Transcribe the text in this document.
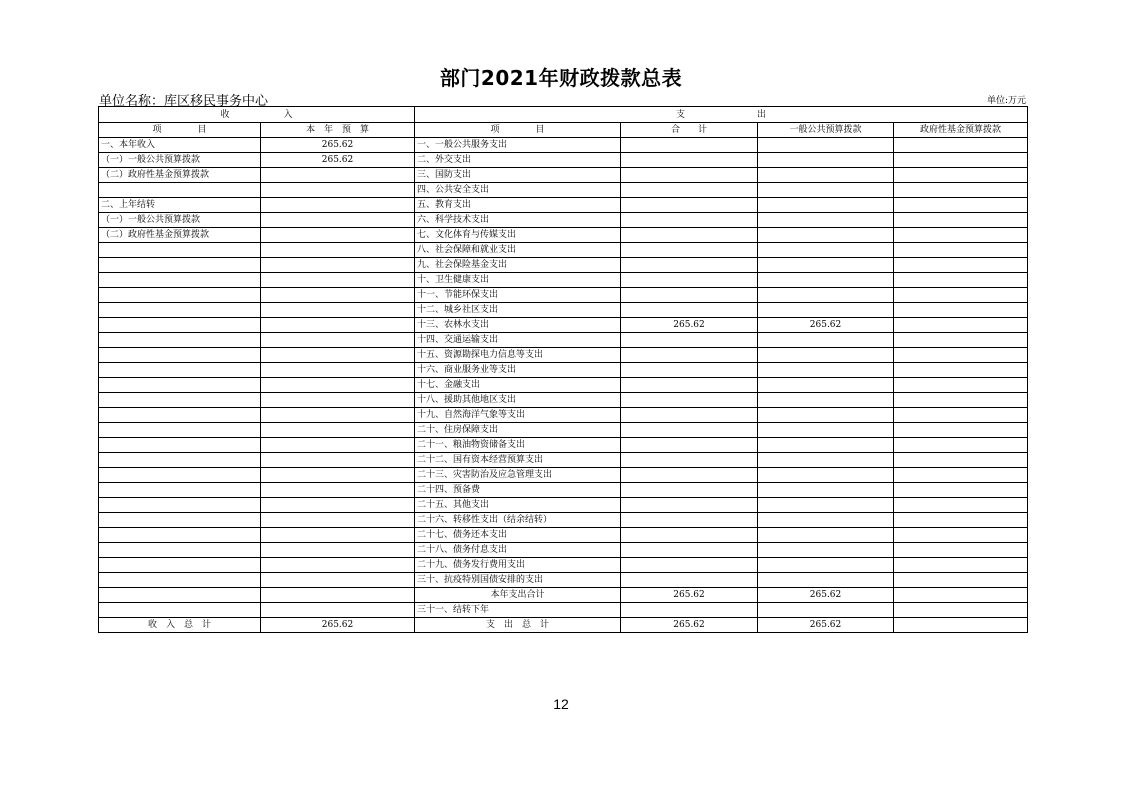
部门2021年财政拨款总表
单位名称：库区移民事务中心	单位:万元
收　　　　　　入		支　　　　　　　　出			
项　　　　目	本　年　预　算	项　　　　目	合　　计	一般公共预算拨款	政府性基金预算拨款
一、本年收入	265.62	一、一般公共服务支出			
（一）一般公共预算拨款	265.62	二、外交支出			
（二）政府性基金预算拨款		三、国防支出			
		四、公共安全支出			
二、上年结转		五、教育支出			
（一）一般公共预算拨款		六、科学技术支出			
（二）政府性基金预算拨款		七、文化体育与传媒支出			
		八、社会保障和就业支出			
		九、社会保险基金支出			
		十、卫生健康支出			
		十一、节能环保支出			
		十二、城乡社区支出			
		十三、农林水支出	265.62	265.62	
		十四、交通运输支出			
		十五、资源勘探电力信息等支出			
		十六、商业服务业等支出			
		十七、金融支出			
		十八、援助其他地区支出			
		十九、自然海洋气象等支出			
		二十、住房保障支出			
		二十一、粮油物资储备支出			
		二十二、国有资本经营预算支出			
		二十三、灾害防治及应急管理支出			
		二十四、预备费			
		二十五、其他支出			
		二十六、转移性支出（结余结转）			
		二十七、债务还本支出			
		二十八、债务付息支出			
		二十九、债务发行费用支出			
		三十、抗疫特别国债安排的支出			
		本年支出合计	265.62	265.62	
		三十一、结转下年			
收　入　总　计	265.62	支　出　总　计	265.62	265.62	
12
